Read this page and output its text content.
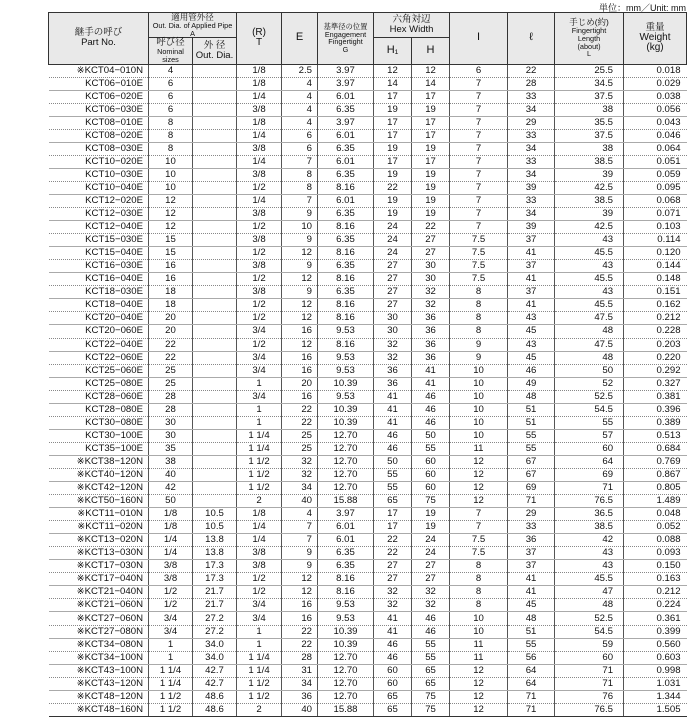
単位：mm／Unit: mm
継手の呼び
Part No.	適用管外径
Out. Dia. of Applied Pipe
A		(R)
T	E	基準径の位置
Engagement
Fingertight
G	六角対辺
Hex Width		I	ℓ	手じめ(約)
Fingertight
Length
(about)
L	重量
Weight
(kg)

	呼び径
Nominal sizes	外 径
Out. Dia.				H₁	H				
※KCT04−010N	4		1/8	2.5	3.97	12	12	6	22	25.5	0.018
KCT06−010E	6		1/8	4	3.97	14	14	7	28	34.5	0.029
KCT06−020E	6		1/4	4	6.01	17	17	7	33	37.5	0.038
KCT06−030E	6		3/8	4	6.35	19	19	7	34	38	0.056
KCT08−010E	8		1/8	4	3.97	17	17	7	29	35.5	0.043
KCT08−020E	8		1/4	6	6.01	17	17	7	33	37.5	0.046
KCT08−030E	8		3/8	6	6.35	19	19	7	34	38	0.064
KCT10−020E	10		1/4	7	6.01	17	17	7	33	38.5	0.051
KCT10−030E	10		3/8	8	6.35	19	19	7	34	39	0.059
KCT10−040E	10		1/2	8	8.16	22	19	7	39	42.5	0.095
KCT12−020E	12		1/4	7	6.01	19	19	7	33	38.5	0.068
KCT12−030E	12		3/8	9	6.35	19	19	7	34	39	0.071
KCT12−040E	12		1/2	10	8.16	24	22	7	39	42.5	0.103
KCT15−030E	15		3/8	9	6.35	24	27	7.5	37	43	0.114
KCT15−040E	15		1/2	12	8.16	24	27	7.5	41	45.5	0.120
KCT16−030E	16		3/8	9	6.35	27	30	7.5	37	43	0.144
KCT16−040E	16		1/2	12	8.16	27	30	7.5	41	45.5	0.148
KCT18−030E	18		3/8	9	6.35	27	32	8	37	43	0.151
KCT18−040E	18		1/2	12	8.16	27	32	8	41	45.5	0.162
KCT20−040E	20		1/2	12	8.16	30	36	8	43	47.5	0.212
KCT20−060E	20		3/4	16	9.53	30	36	8	45	48	0.228
KCT22−040E	22		1/2	12	8.16	32	36	9	43	47.5	0.203
KCT22−060E	22		3/4	16	9.53	32	36	9	45	48	0.220
KCT25−060E	25		3/4	16	9.53	36	41	10	46	50	0.292
KCT25−080E	25		1	20	10.39	36	41	10	49	52	0.327
KCT28−060E	28		3/4	16	9.53	41	46	10	48	52.5	0.381
KCT28−080E	28		1	22	10.39	41	46	10	51	54.5	0.396
KCT30−080E	30		1	22	10.39	41	46	10	51	55	0.389
KCT30−100E	30		1 1/4	25	12.70	46	50	10	55	57	0.513
KCT35−100E	35		1 1/4	25	12.70	46	55	11	55	60	0.684
※KCT38−120N	38		1 1/2	32	12.70	50	60	12	67	64	0.769
※KCT40−120N	40		1 1/2	32	12.70	55	60	12	67	69	0.867
※KCT42−120N	42		1 1/2	34	12.70	55	60	12	69	71	0.805
※KCT50−160N	50		2	40	15.88	65	75	12	71	76.5	1.489
※KCT11−010N	1/8	10.5	1/8	4	3.97	17	19	7	29	36.5	0.048
※KCT11−020N	1/8	10.5	1/4	7	6.01	17	19	7	33	38.5	0.052
※KCT13−020N	1/4	13.8	1/4	7	6.01	22	24	7.5	36	42	0.088
※KCT13−030N	1/4	13.8	3/8	9	6.35	22	24	7.5	37	43	0.093
※KCT17−030N	3/8	17.3	3/8	9	6.35	27	27	8	37	43	0.150
※KCT17−040N	3/8	17.3	1/2	12	8.16	27	27	8	41	45.5	0.163
※KCT21−040N	1/2	21.7	1/2	12	8.16	32	32	8	41	47	0.212
※KCT21−060N	1/2	21.7	3/4	16	9.53	32	32	8	45	48	0.224
※KCT27−060N	3/4	27.2	3/4	16	9.53	41	46	10	48	52.5	0.361
※KCT27−080N	3/4	27.2	1	22	10.39	41	46	10	51	54.5	0.399
※KCT34−080N	1	34.0	1	22	10.39	46	55	11	55	59	0.560
※KCT34−100N	1	34.0	1 1/4	28	12.70	46	55	11	56	60	0.603
※KCT43−100N	1 1/4	42.7	1 1/4	31	12.70	60	65	12	64	71	0.998
※KCT43−120N	1 1/4	42.7	1 1/2	34	12.70	60	65	12	64	71	1.031
※KCT48−120N	1 1/2	48.6	1 1/2	36	12.70	65	75	12	71	76	1.344
※KCT48−160N	1 1/2	48.6	2	40	15.88	65	75	12	71	76.5	1.505
